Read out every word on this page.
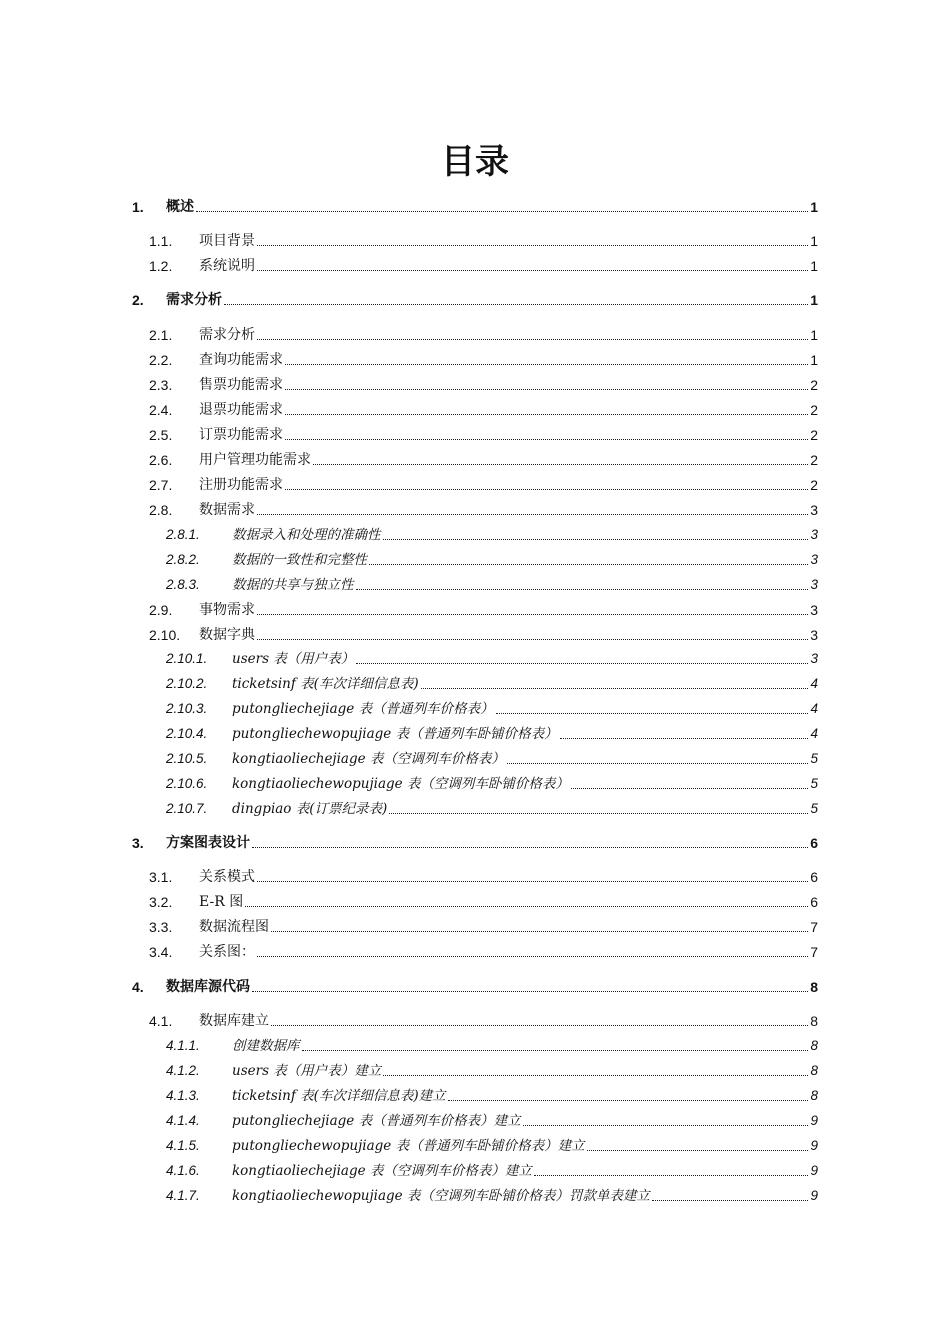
目录
1. 概述	1
1.1. 项目背景	1
1.2. 系统说明	1
2. 需求分析	1
2.1. 需求分析	1
2.2. 查询功能需求	1
2.3. 售票功能需求	2
2.4. 退票功能需求	2
2.5. 订票功能需求	2
2.6. 用户管理功能需求	2
2.7. 注册功能需求	2
2.8. 数据需求	3
2.8.1. 数据录入和处理的准确性	3
2.8.2. 数据的一致性和完整性	3
2.8.3. 数据的共享与独立性	3
2.9. 事物需求	3
2.10. 数据字典	3
2.10.1. users 表（用户表）	3
2.10.2. ticketsinf 表(车次详细信息表)	4
2.10.3. putongliechejiage 表（普通列车价格表）	4
2.10.4. putongliechewopujiage 表（普通列车卧铺价格表）	4
2.10.5. kongtiaoliechejiage 表（空调列车价格表）	5
2.10.6. kongtiaoliechewopujiage 表（空调列车卧铺价格表）	5
2.10.7. dingpiao 表(订票纪录表)	5
3. 方案图表设计	6
3.1. 关系模式	6
3.2. E-R 图	6
3.3. 数据流程图	7
3.4. 关系图：	7
4. 数据库源代码	8
4.1. 数据库建立	8
4.1.1. 创建数据库	8
4.1.2. users 表（用户表）建立	8
4.1.3. ticketsinf 表(车次详细信息表)建立	8
4.1.4. putongliechejiage 表（普通列车价格表）建立	9
4.1.5. putongliechewopujiage 表（普通列车卧铺价格表）建立	9
4.1.6. kongtiaoliechejiage 表（空调列车价格表）建立	9
4.1.7. kongtiaoliechewopujiage 表（空调列车卧铺价格表）罚款单表建立	9
